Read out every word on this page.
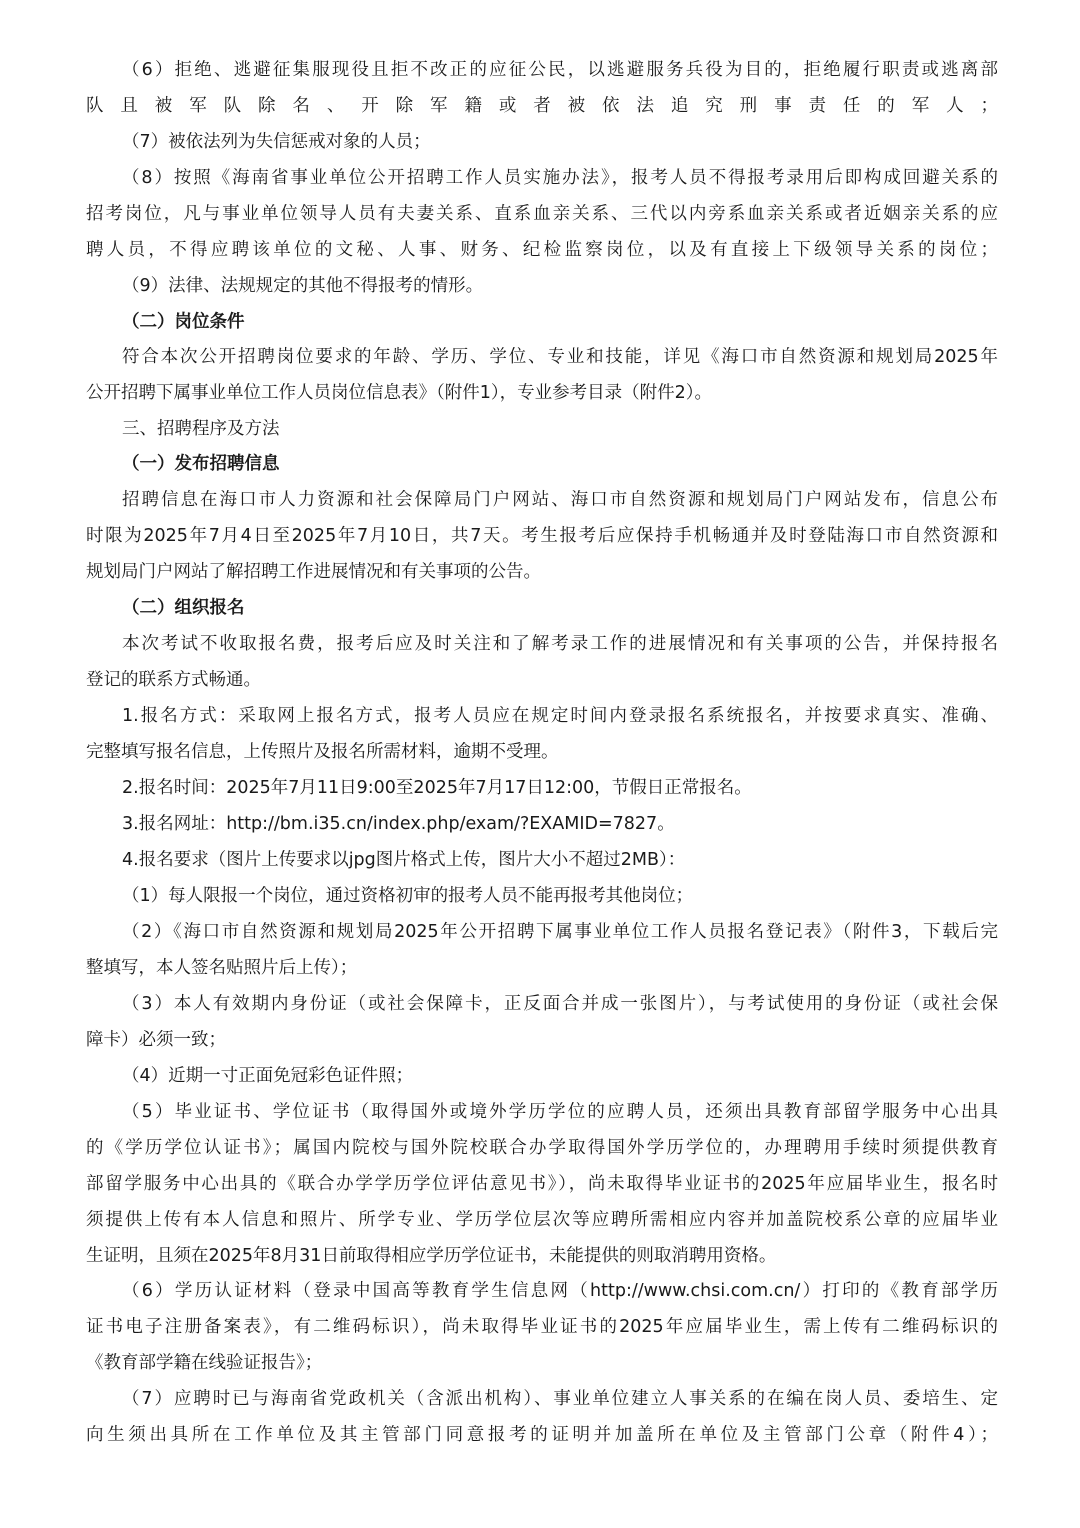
（6）拒绝、逃避征集服现役且拒不改正的应征公民，以逃避服务兵役为目的，拒绝履行职责或逃离部
队且被军队除名、开除军籍或者被依法追究刑事责任的军人；
（7）被依法列为失信惩戒对象的人员；
（8）按照《海南省事业单位公开招聘工作人员实施办法》，报考人员不得报考录用后即构成回避关系的
招考岗位，凡与事业单位领导人员有夫妻关系、直系血亲关系、三代以内旁系血亲关系或者近姻亲关系的应
聘人员，不得应聘该单位的文秘、人事、财务、纪检监察岗位，以及有直接上下级领导关系的岗位；
（9）法律、法规规定的其他不得报考的情形。
（二）岗位条件
符合本次公开招聘岗位要求的年龄、学历、学位、专业和技能，详见《海口市自然资源和规划局2025年
公开招聘下属事业单位工作人员岗位信息表》（附件1），专业参考目录（附件2）。
三、招聘程序及方法
（一）发布招聘信息
招聘信息在海口市人力资源和社会保障局门户网站、海口市自然资源和规划局门户网站发布，信息公布
时限为2025年7月4日至2025年7月10日，共7天。考生报考后应保持手机畅通并及时登陆海口市自然资源和
规划局门户网站了解招聘工作进展情况和有关事项的公告。
（二）组织报名
本次考试不收取报名费，报考后应及时关注和了解考录工作的进展情况和有关事项的公告，并保持报名
登记的联系方式畅通。
1.报名方式：采取网上报名方式，报考人员应在规定时间内登录报名系统报名，并按要求真实、准确、
完整填写报名信息，上传照片及报名所需材料，逾期不受理。
2.报名时间：2025年7月11日9:00至2025年7月17日12:00，节假日正常报名。
3.报名网址：http://bm.i35.cn/index.php/exam/?EXAMID=7827。
4.报名要求（图片上传要求以jpg图片格式上传，图片大小不超过2MB）：
（1）每人限报一个岗位，通过资格初审的报考人员不能再报考其他岗位；
（2）《海口市自然资源和规划局2025年公开招聘下属事业单位工作人员报名登记表》（附件3，下载后完
整填写，本人签名贴照片后上传）；
（3）本人有效期内身份证（或社会保障卡，正反面合并成一张图片），与考试使用的身份证（或社会保
障卡）必须一致；
（4）近期一寸正面免冠彩色证件照；
（5）毕业证书、学位证书（取得国外或境外学历学位的应聘人员，还须出具教育部留学服务中心出具
的《学历学位认证书》；属国内院校与国外院校联合办学取得国外学历学位的，办理聘用手续时须提供教育
部留学服务中心出具的《联合办学学历学位评估意见书》），尚未取得毕业证书的2025年应届毕业生，报名时
须提供上传有本人信息和照片、所学专业、学历学位层次等应聘所需相应内容并加盖院校系公章的应届毕业
生证明，且须在2025年8月31日前取得相应学历学位证书，未能提供的则取消聘用资格。
（6）学历认证材料（登录中国高等教育学生信息网（http://www.chsi.com.cn/）打印的《教育部学历
证书电子注册备案表》，有二维码标识），尚未取得毕业证书的2025年应届毕业生，需上传有二维码标识的
《教育部学籍在线验证报告》；
（7）应聘时已与海南省党政机关（含派出机构）、事业单位建立人事关系的在编在岗人员、委培生、定
向生须出具所在工作单位及其主管部门同意报考的证明并加盖所在单位及主管部门公章（附件4）；
